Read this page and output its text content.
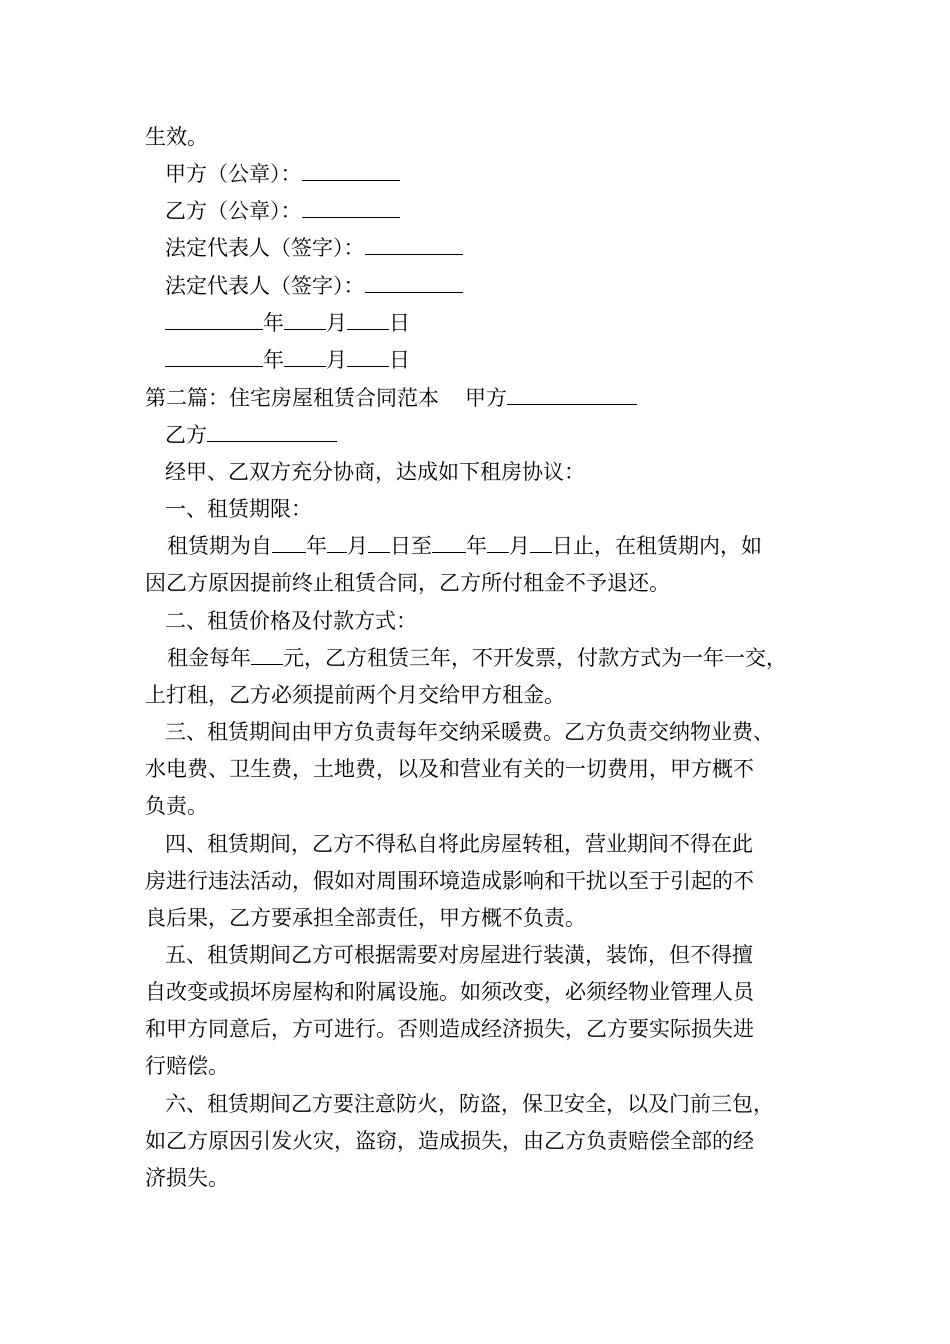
生效。
甲方（公章）：
乙方（公章）：
法定代表人（签字）：
法定代表人（签字）：
年 月 日
年 月 日
第二篇：住宅房屋租赁合同范本 甲方
乙方
经甲、乙双方充分协商，达成如下租房协议：
一、租赁期限：
租赁期为自 年 月 日至 年 月 日止，在租赁期内，如
因乙方原因提前终止租赁合同，乙方所付租金不予退还。
二、租赁价格及付款方式：
租金每年 元，乙方租赁三年，不开发票，付款方式为一年一交，
上打租，乙方必须提前两个月交给甲方租金。
三、租赁期间由甲方负责每年交纳采暖费。乙方负责交纳物业费、
水电费、卫生费，土地费，以及和营业有关的一切费用，甲方概不
负责。
四、租赁期间，乙方不得私自将此房屋转租，营业期间不得在此
房进行违法活动，假如对周围环境造成影响和干扰以至于引起的不
良后果，乙方要承担全部责任，甲方概不负责。
五、租赁期间乙方可根据需要对房屋进行装潢，装饰，但不得擅
自改变或损坏房屋构和附属设施。如须改变，必须经物业管理人员
和甲方同意后，方可进行。否则造成经济损失，乙方要实际损失进
行赔偿。
六、租赁期间乙方要注意防火，防盗，保卫安全，以及门前三包，
如乙方原因引发火灾，盗窃，造成损失，由乙方负责赔偿全部的经
济损失。
